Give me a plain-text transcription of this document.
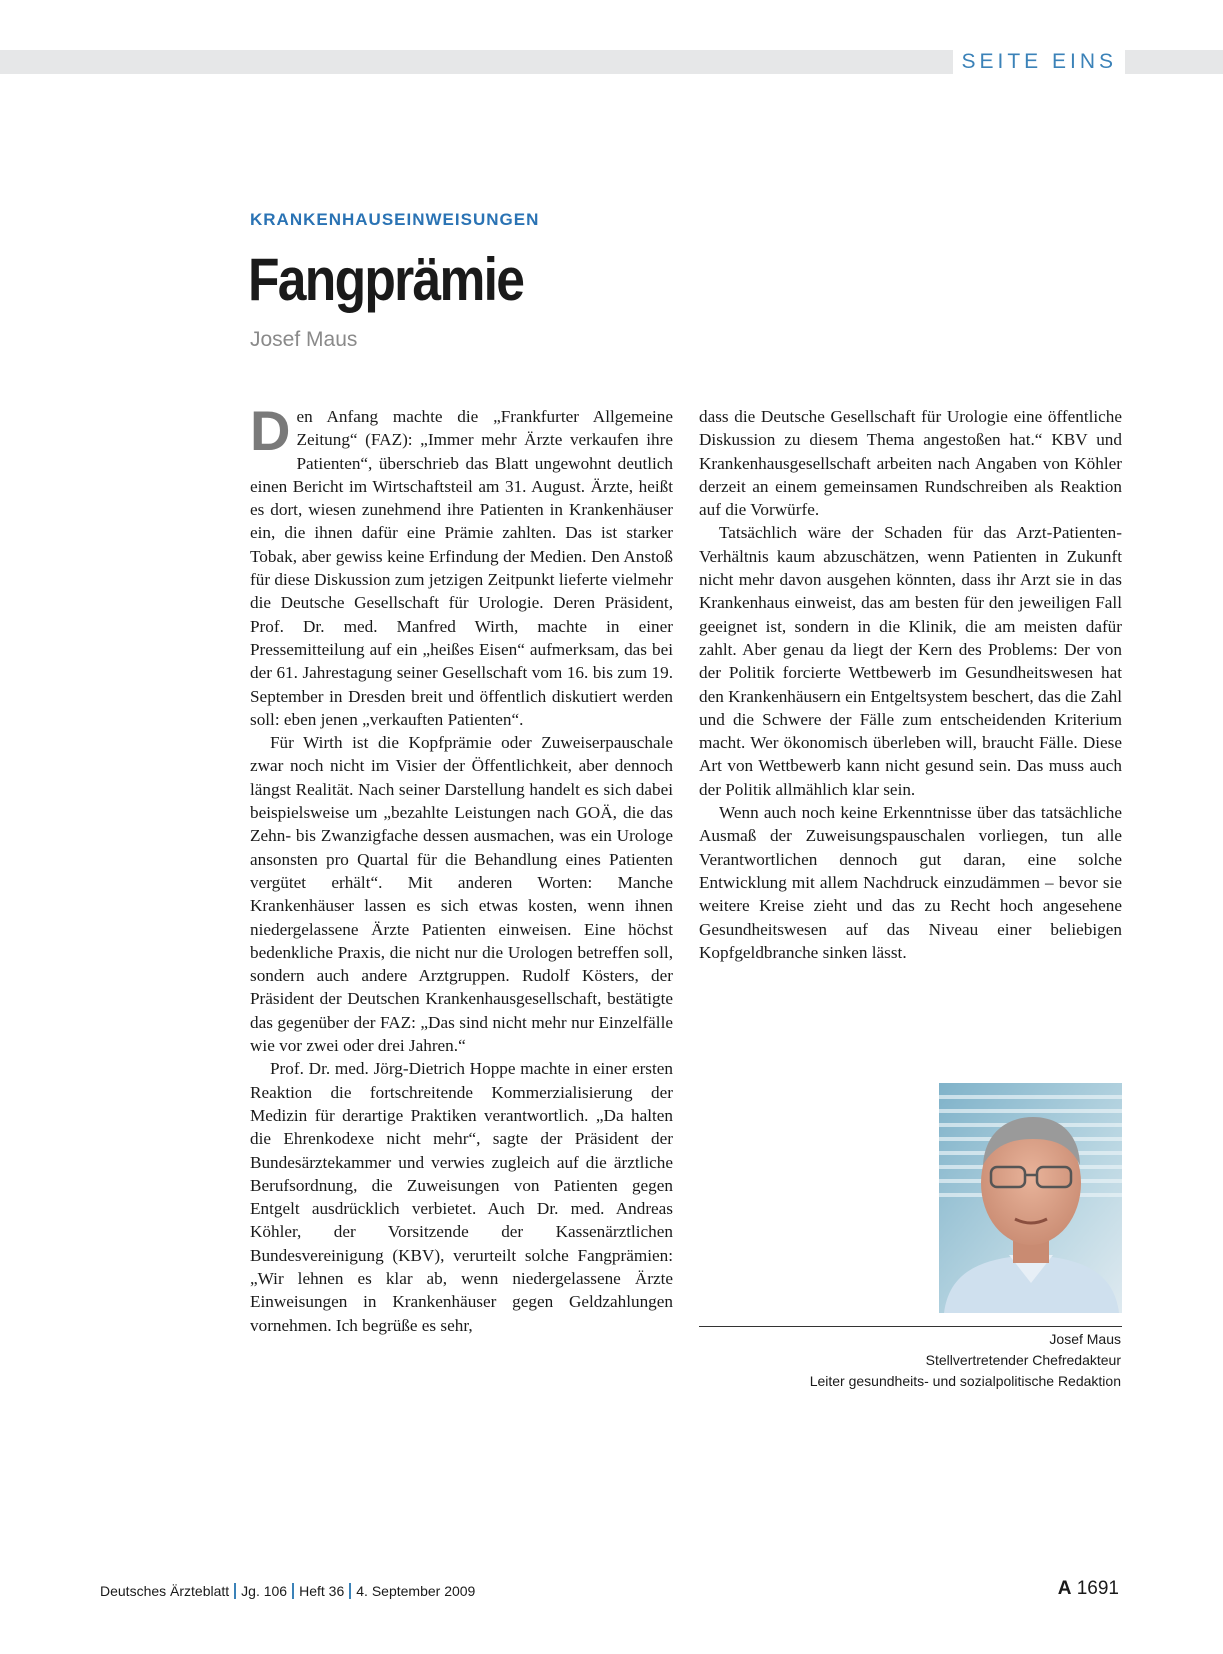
SEITE EINS
KRANKENHAUSEINWEISUNGEN
Fangprämie
Josef Maus

Den Anfang machte die „Frankfurter Allgemeine Zeitung“ (FAZ): „Immer mehr Ärzte verkaufen ihre Patienten“, überschrieb das Blatt ungewohnt deutlich einen Bericht im Wirtschaftsteil am 31. August. Ärzte, heißt es dort, wiesen zunehmend ihre Patienten in Krankenhäuser ein, die ihnen dafür eine Prämie zahlten. Das ist starker Tobak, aber gewiss keine Erfindung der Medien. Den Anstoß für diese Diskussion zum jetzigen Zeitpunkt lieferte vielmehr die Deutsche Gesellschaft für Urologie. Deren Präsident, Prof. Dr. med. Manfred Wirth, machte in einer Pressemitteilung auf ein „heißes Eisen“ aufmerksam, das bei der 61. Jahrestagung seiner Gesellschaft vom 16. bis zum 19. September in Dresden breit und öffentlich diskutiert werden soll: eben jenen „verkauften Patienten“.

Für Wirth ist die Kopfprämie oder Zuweiserpauschale zwar noch nicht im Visier der Öffentlichkeit, aber dennoch längst Realität. Nach seiner Darstellung handelt es sich dabei beispielsweise um „bezahlte Leistungen nach GOÄ, die das Zehn- bis Zwanzigfache dessen ausmachen, was ein Urologe ansonsten pro Quartal für die Behandlung eines Patienten vergütet erhält“. Mit anderen Worten: Manche Krankenhäuser lassen es sich etwas kosten, wenn ihnen niedergelassene Ärzte Patienten einweisen. Eine höchst bedenkliche Praxis, die nicht nur die Urologen betreffen soll, sondern auch andere Arztgruppen. Rudolf Kösters, der Präsident der Deutschen Krankenhausgesellschaft, bestätigte das gegenüber der FAZ: „Das sind nicht mehr nur Einzelfälle wie vor zwei oder drei Jahren.“

Prof. Dr. med. Jörg-Dietrich Hoppe machte in einer ersten Reaktion die fortschreitende Kommerzialisierung der Medizin für derartige Praktiken verantwortlich. „Da halten die Ehrenkodexe nicht mehr“, sagte der Präsident der Bundesärztekammer und verwies zugleich auf die ärztliche Berufsordnung, die Zuweisungen von Patienten gegen Entgelt ausdrücklich verbietet. Auch Dr. med. Andreas Köhler, der Vorsitzende der Kassenärztlichen Bundesvereinigung (KBV), verurteilt solche Fangprämien: „Wir lehnen es klar ab, wenn niedergelassene Ärzte Einweisungen in Krankenhäuser gegen Geldzahlungen vornehmen. Ich begrüße es sehr,

dass die Deutsche Gesellschaft für Urologie eine öffentliche Diskussion zu diesem Thema angestoßen hat.“ KBV und Krankenhausgesellschaft arbeiten nach Angaben von Köhler derzeit an einem gemeinsamen Rundschreiben als Reaktion auf die Vorwürfe.

Tatsächlich wäre der Schaden für das Arzt-Patienten-Verhältnis kaum abzuschätzen, wenn Patienten in Zukunft nicht mehr davon ausgehen könnten, dass ihr Arzt sie in das Krankenhaus einweist, das am besten für den jeweiligen Fall geeignet ist, sondern in die Klinik, die am meisten dafür zahlt. Aber genau da liegt der Kern des Problems: Der von der Politik forcierte Wettbewerb im Gesundheitswesen hat den Krankenhäusern ein Entgeltsystem beschert, das die Zahl und die Schwere der Fälle zum entscheidenden Kriterium macht. Wer ökonomisch überleben will, braucht Fälle. Diese Art von Wettbewerb kann nicht gesund sein. Das muss auch der Politik allmählich klar sein.

Wenn auch noch keine Erkenntnisse über das tatsächliche Ausmaß der Zuweisungspauschalen vorliegen, tun alle Verantwortlichen dennoch gut daran, eine solche Entwicklung mit allem Nachdruck einzudämmen – bevor sie weitere Kreise zieht und das zu Recht hoch angesehene Gesundheitswesen auf das Niveau einer beliebigen Kopfgeldbranche sinken lässt.

Josef Maus
Stellvertretender Chefredakteur
Leiter gesundheits- und sozialpolitische Redaktion
Deutsches Ärzteblatt Jg. 106 Heft 36 4. September 2009	A 1691
